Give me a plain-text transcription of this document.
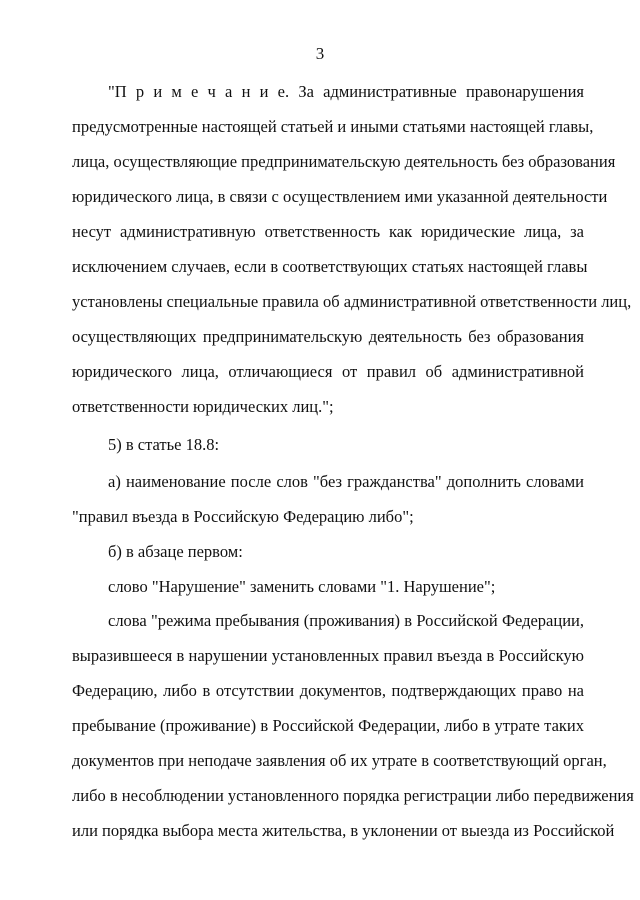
3
"П р и м е ч а н и е. За административные правонарушения
предусмотренные настоящей статьей и иными статьями настоящей главы,
лица, осуществляющие предпринимательскую деятельность без образования
юридического лица, в связи с осуществлением ими указанной деятельности
несут административную ответственность как юридические лица, за
исключением случаев, если в соответствующих статьях настоящей главы
установлены специальные правила об административной ответственности лиц,
осуществляющих предпринимательскую деятельность без образования
юридического лица, отличающиеся от правил об административной
ответственности юридических лиц.";
5) в статье 18.8:
а) наименование после слов "без гражданства" дополнить словами
"правил въезда в Российскую Федерацию либо";
б) в абзаце первом:
слово "Нарушение" заменить словами "1. Нарушение";
слова "режима пребывания (проживания) в Российской Федерации,
выразившееся в нарушении установленных правил въезда в Российскую
Федерацию, либо в отсутствии документов, подтверждающих право на
пребывание (проживание) в Российской Федерации, либо в утрате таких
документов при неподаче заявления об их утрате в соответствующий орган,
либо в несоблюдении установленного порядка регистрации либо передвижения
или порядка выбора места жительства, в уклонении от выезда из Российской
